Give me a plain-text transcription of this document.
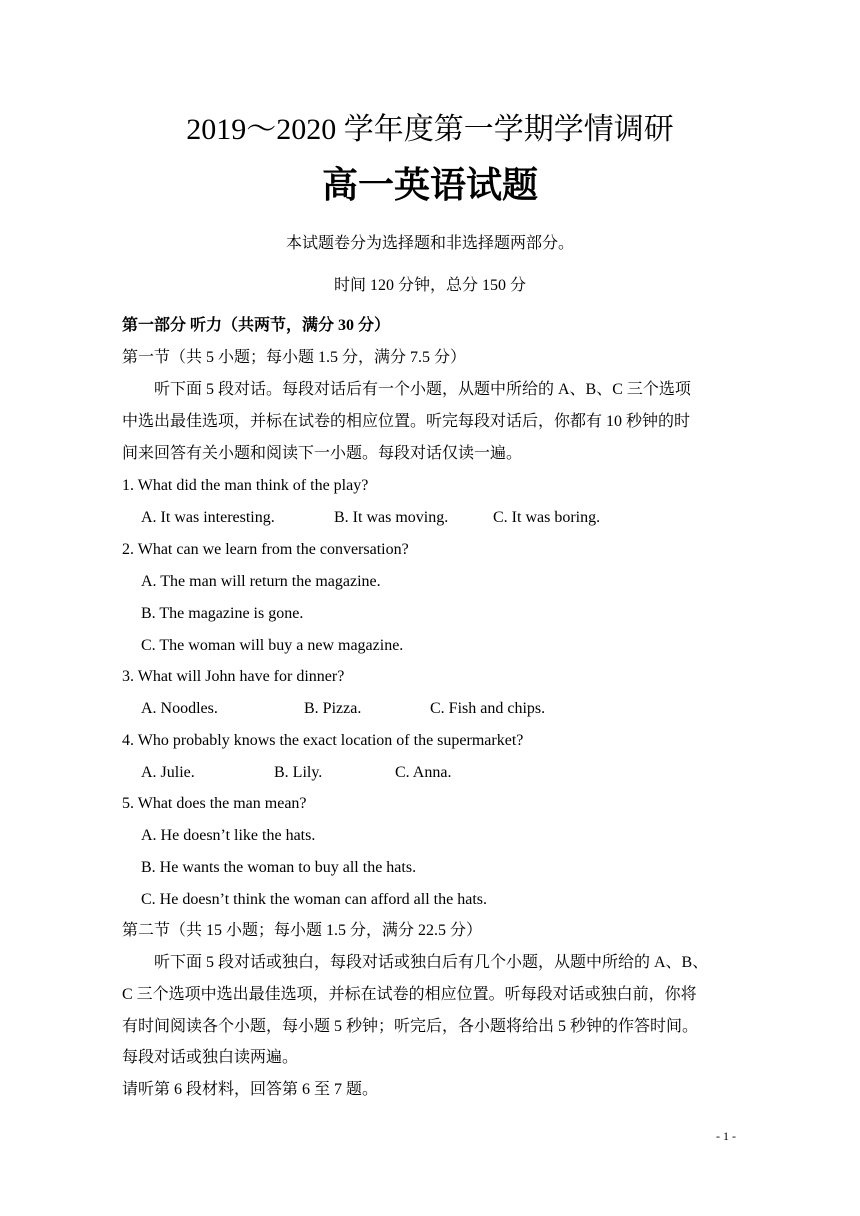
2019～2020 学年度第一学期学情调研
高一英语试题
本试题卷分为选择题和非选择题两部分。
时间 120 分钟，总分 150 分
第一部分 听力（共两节，满分 30 分）
第一节（共 5 小题；每小题 1.5 分，满分 7.5 分）
听下面 5 段对话。每段对话后有一个小题，从题中所给的 A、B、C 三个选项
中选出最佳选项，并标在试卷的相应位置。听完每段对话后，你都有 10 秒钟的时
间来回答有关小题和阅读下一小题。每段对话仅读一遍。
1. What did the man think of the play?
A. It was interesting.	B. It was moving.	C. It was boring.
2. What can we learn from the conversation?
A. The man will return the magazine.
B. The magazine is gone.
C. The woman will buy a new magazine.
3. What will John have for dinner?
A. Noodles.	B. Pizza.	C. Fish and chips.
4. Who probably knows the exact location of the supermarket?
A. Julie.	B. Lily.	C. Anna.
5. What does the man mean?
A. He doesn’t like the hats.
B. He wants the woman to buy all the hats.
C. He doesn’t think the woman can afford all the hats.
第二节（共 15 小题；每小题 1.5 分，满分 22.5 分）
听下面 5 段对话或独白，每段对话或独白后有几个小题，从题中所给的 A、B、
C 三个选项中选出最佳选项，并标在试卷的相应位置。听每段对话或独白前，你将
有时间阅读各个小题，每小题 5 秒钟；听完后，各小题将给出 5 秒钟的作答时间。
每段对话或独白读两遍。
请听第 6 段材料，回答第 6 至 7 题。
- 1 -
